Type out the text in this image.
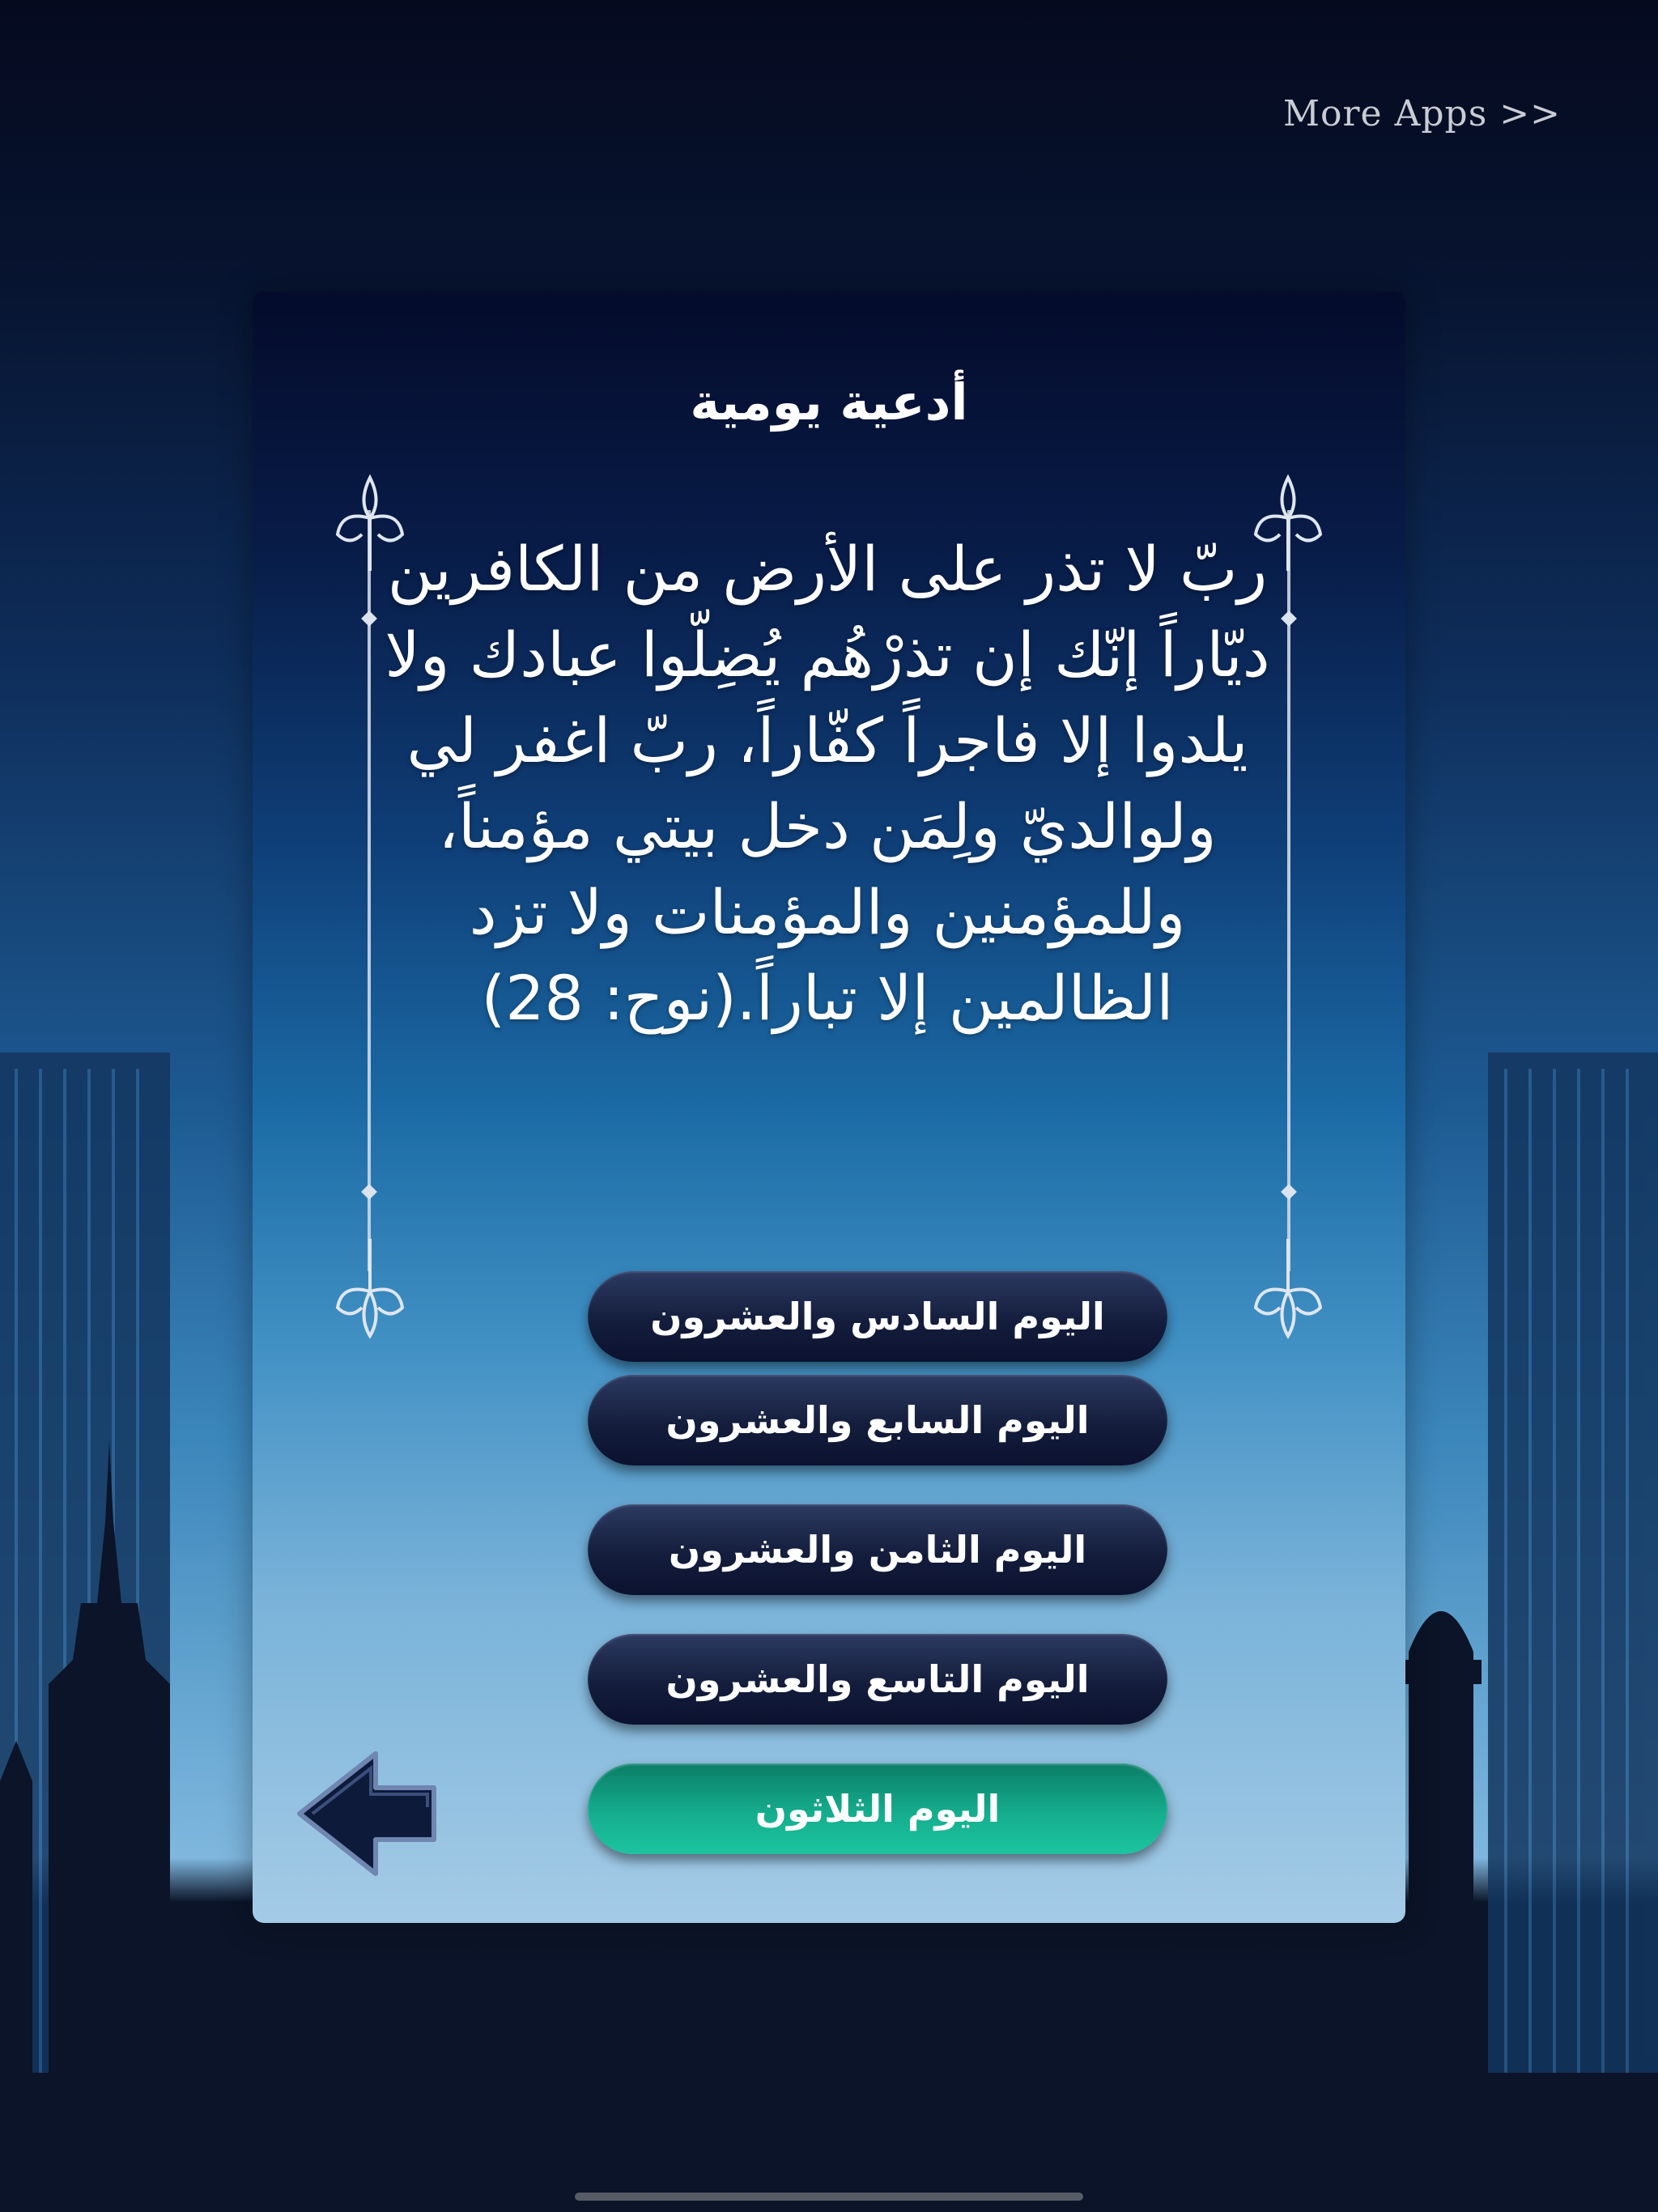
More Apps >>
أدعية يومية
ربّ لا تذر على الأرض من الكافرين ديّاراً إنّك إن تذرْهُم يُضِلّوا عبادك ولا يلدوا إلا فاجراً كفّاراً، ربّ اغفر لي ولوالديّ ولِمَن دخل بيتي مؤمناً، وللمؤمنين والمؤمنات ولا تزد الظالمين إلا تباراً.(نوح: 28)
اليوم السادس والعشرون
اليوم السابع والعشرون
اليوم الثامن والعشرون
اليوم التاسع والعشرون
اليوم الثلاثون
